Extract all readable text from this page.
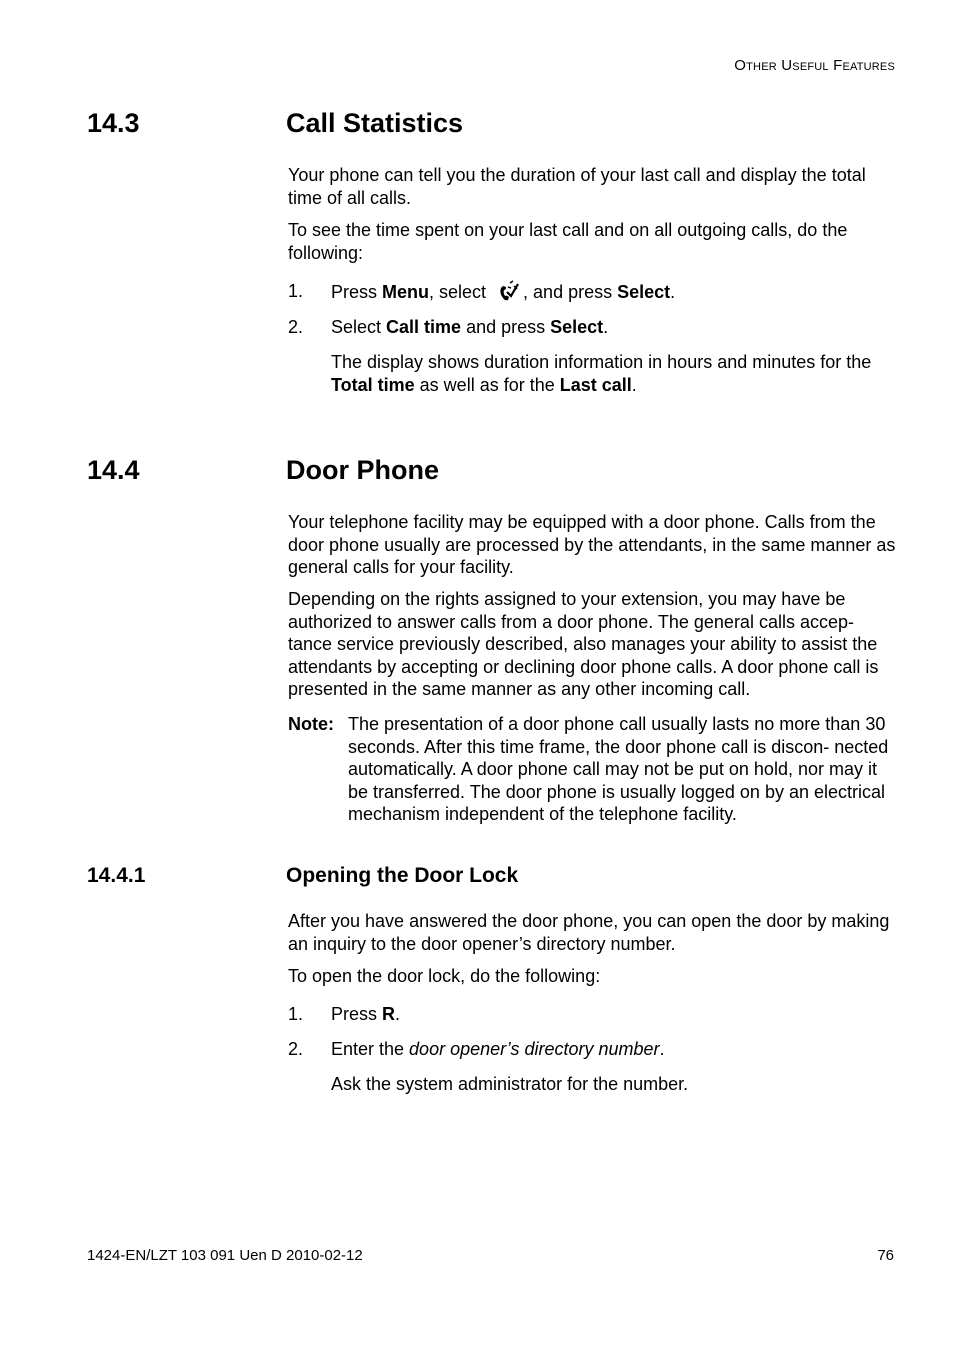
Other Useful Features
14.3	Call Statistics
Your phone can tell you the duration of your last call and display the total time of all calls.
To see the time spent on your last call and on all outgoing calls, do the following:
1. Press Menu, select , and press Select.
2. Select Call time and press Select.
The display shows duration information in hours and minutes for the Total time as well as for the Last call.
14.4	Door Phone
Your telephone facility may be equipped with a door phone. Calls from the door phone usually are processed by the attendants, in the same manner as general calls for your facility.
Depending on the rights assigned to your extension, you may have be authorized to answer calls from a door phone. The general calls accep- tance service previously described, also manages your ability to assist the attendants by accepting or declining door phone calls. A door phone call is presented in the same manner as any other incoming call.
Note: The presentation of a door phone call usually lasts no more than 30 seconds. After this time frame, the door phone call is discon- nected automatically. A door phone call may not be put on hold, nor may it be transferred. The door phone is usually logged on by an electrical mechanism independent of the telephone facility.
14.4.1	Opening the Door Lock
After you have answered the door phone, you can open the door by making an inquiry to the door opener’s directory number.
To open the door lock, do the following:
1. Press R.
2. Enter the door opener’s directory number.
Ask the system administrator for the number.
1424-EN/LZT 103 091 Uen D 2010-02-12	76
